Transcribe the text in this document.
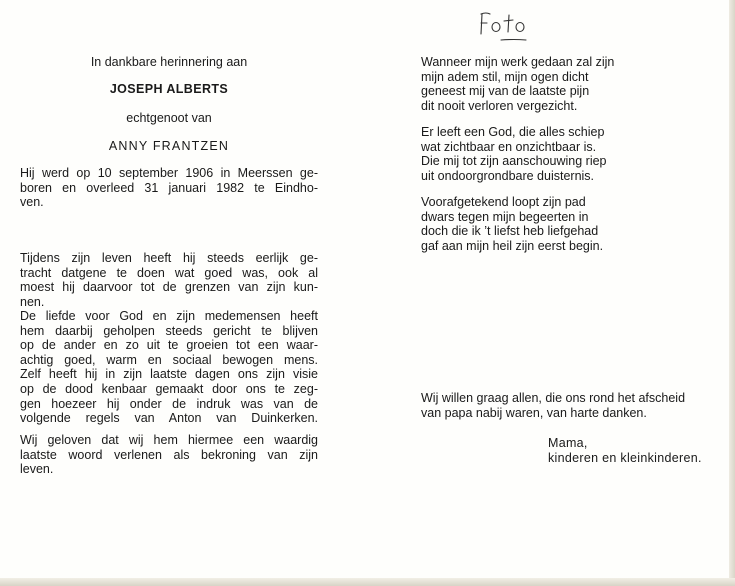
In dankbare herinnering aan

JOSEPH ALBERTS

echtgenoot van

ANNY FRANTZEN

Hij werd op 10 september 1906 in Meerssen ge-
boren en overleed 31 januari 1982 te Eindho-
ven.

Tijdens zijn leven heeft hij steeds eerlijk ge-
tracht datgene te doen wat goed was, ook al
moest hij daarvoor tot de grenzen van zijn kun-
nen.

De liefde voor God en zijn medemensen heeft
hem daarbij geholpen steeds gericht te blijven
op de ander en zo uit te groeien tot een waar-
achtig goed, warm en sociaal bewogen mens.
Zelf heeft hij in zijn laatste dagen ons zijn visie
op de dood kenbaar gemaakt door ons te zeg-
gen hoezeer hij onder de indruk was van de
volgende regels van Anton van Duinkerken.

Wij geloven dat wij hem hiermee een waardig
laatste woord verlenen als bekroning van zijn
leven.

Wanneer mijn werk gedaan zal zijn
mijn adem stil, mijn ogen dicht
geneest mij van de laatste pijn
dit nooit verloren vergezicht.

Er leeft een God, die alles schiep
wat zichtbaar en onzichtbaar is.
Die mij tot zijn aanschouwing riep
uit ondoorgrondbare duisternis.

Voorafgetekend loopt zijn pad
dwars tegen mijn begeerten in
doch die ik ’t liefst heb liefgehad
gaf aan mijn heil zijn eerst begin.

Wij willen graag allen, die ons rond het afscheid
van papa nabij waren, van harte danken.

Mama,
kinderen en kleinkinderen.
